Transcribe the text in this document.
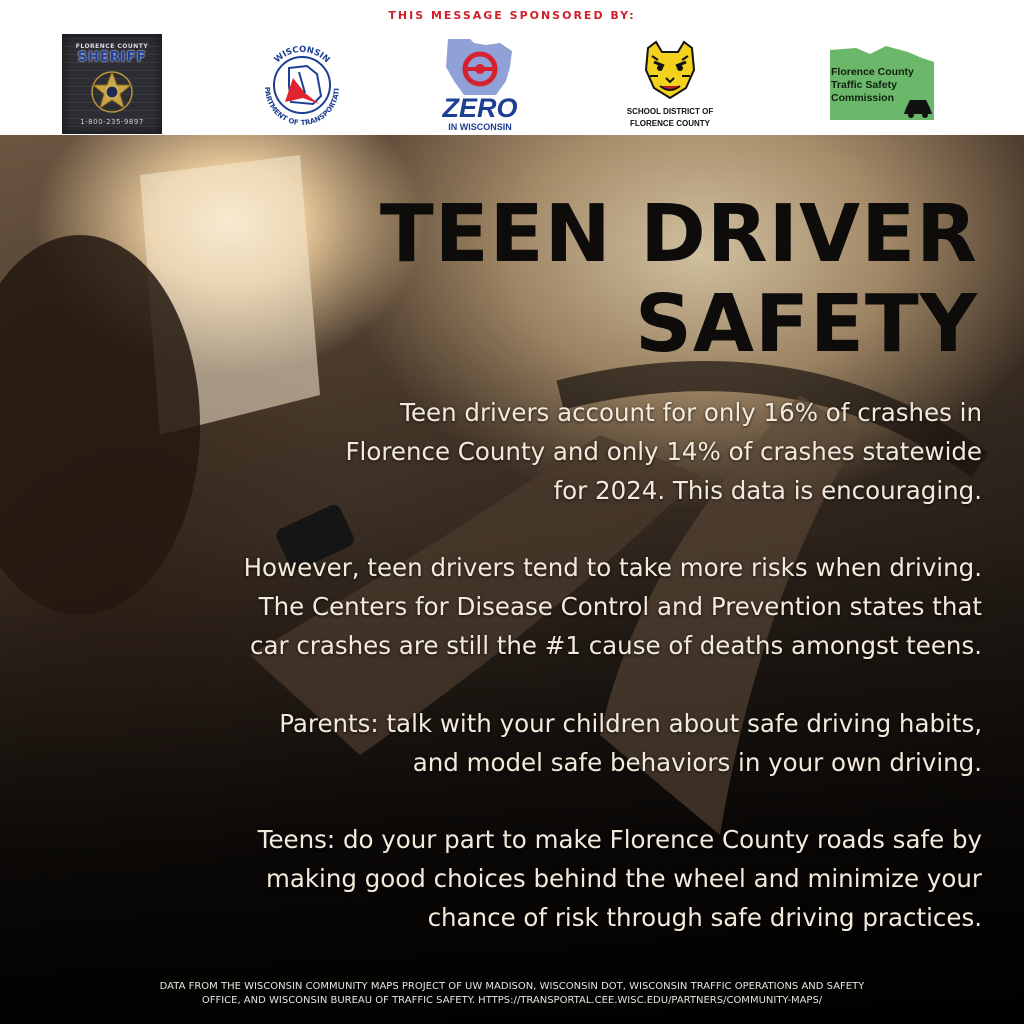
THIS MESSAGE SPONSORED BY:
FLORENCE COUNTY
SHERIFF
1-800-235-9897
WISCONSIN
PARTMENT OF TRANSPORTATI
ZERO
IN WISCONSIN
SCHOOL DISTRICT OF
FLORENCE COUNTY
Florence County
Traffic Safety
Commission
TEEN DRIVER
SAFETY
Teen drivers account for only 16% of crashes in
Florence County and only 14% of crashes statewide
for 2024. This data is encouraging.
However, teen drivers tend to take more risks when driving.
The Centers for Disease Control and Prevention states that
car crashes are still the #1 cause of deaths amongst teens.
Parents: talk with your children about safe driving habits,
and model safe behaviors in your own driving.
Teens: do your part to make Florence County roads safe by
making good choices behind the wheel and minimize your
chance of risk through safe driving practices.
DATA FROM THE WISCONSIN COMMUNITY MAPS PROJECT OF UW MADISON, WISCONSIN DOT, WISCONSIN TRAFFIC OPERATIONS AND SAFETY
OFFICE, AND WISCONSIN BUREAU OF TRAFFIC SAFETY. HTTPS://TRANSPORTAL.CEE.WISC.EDU/PARTNERS/COMMUNITY-MAPS/
